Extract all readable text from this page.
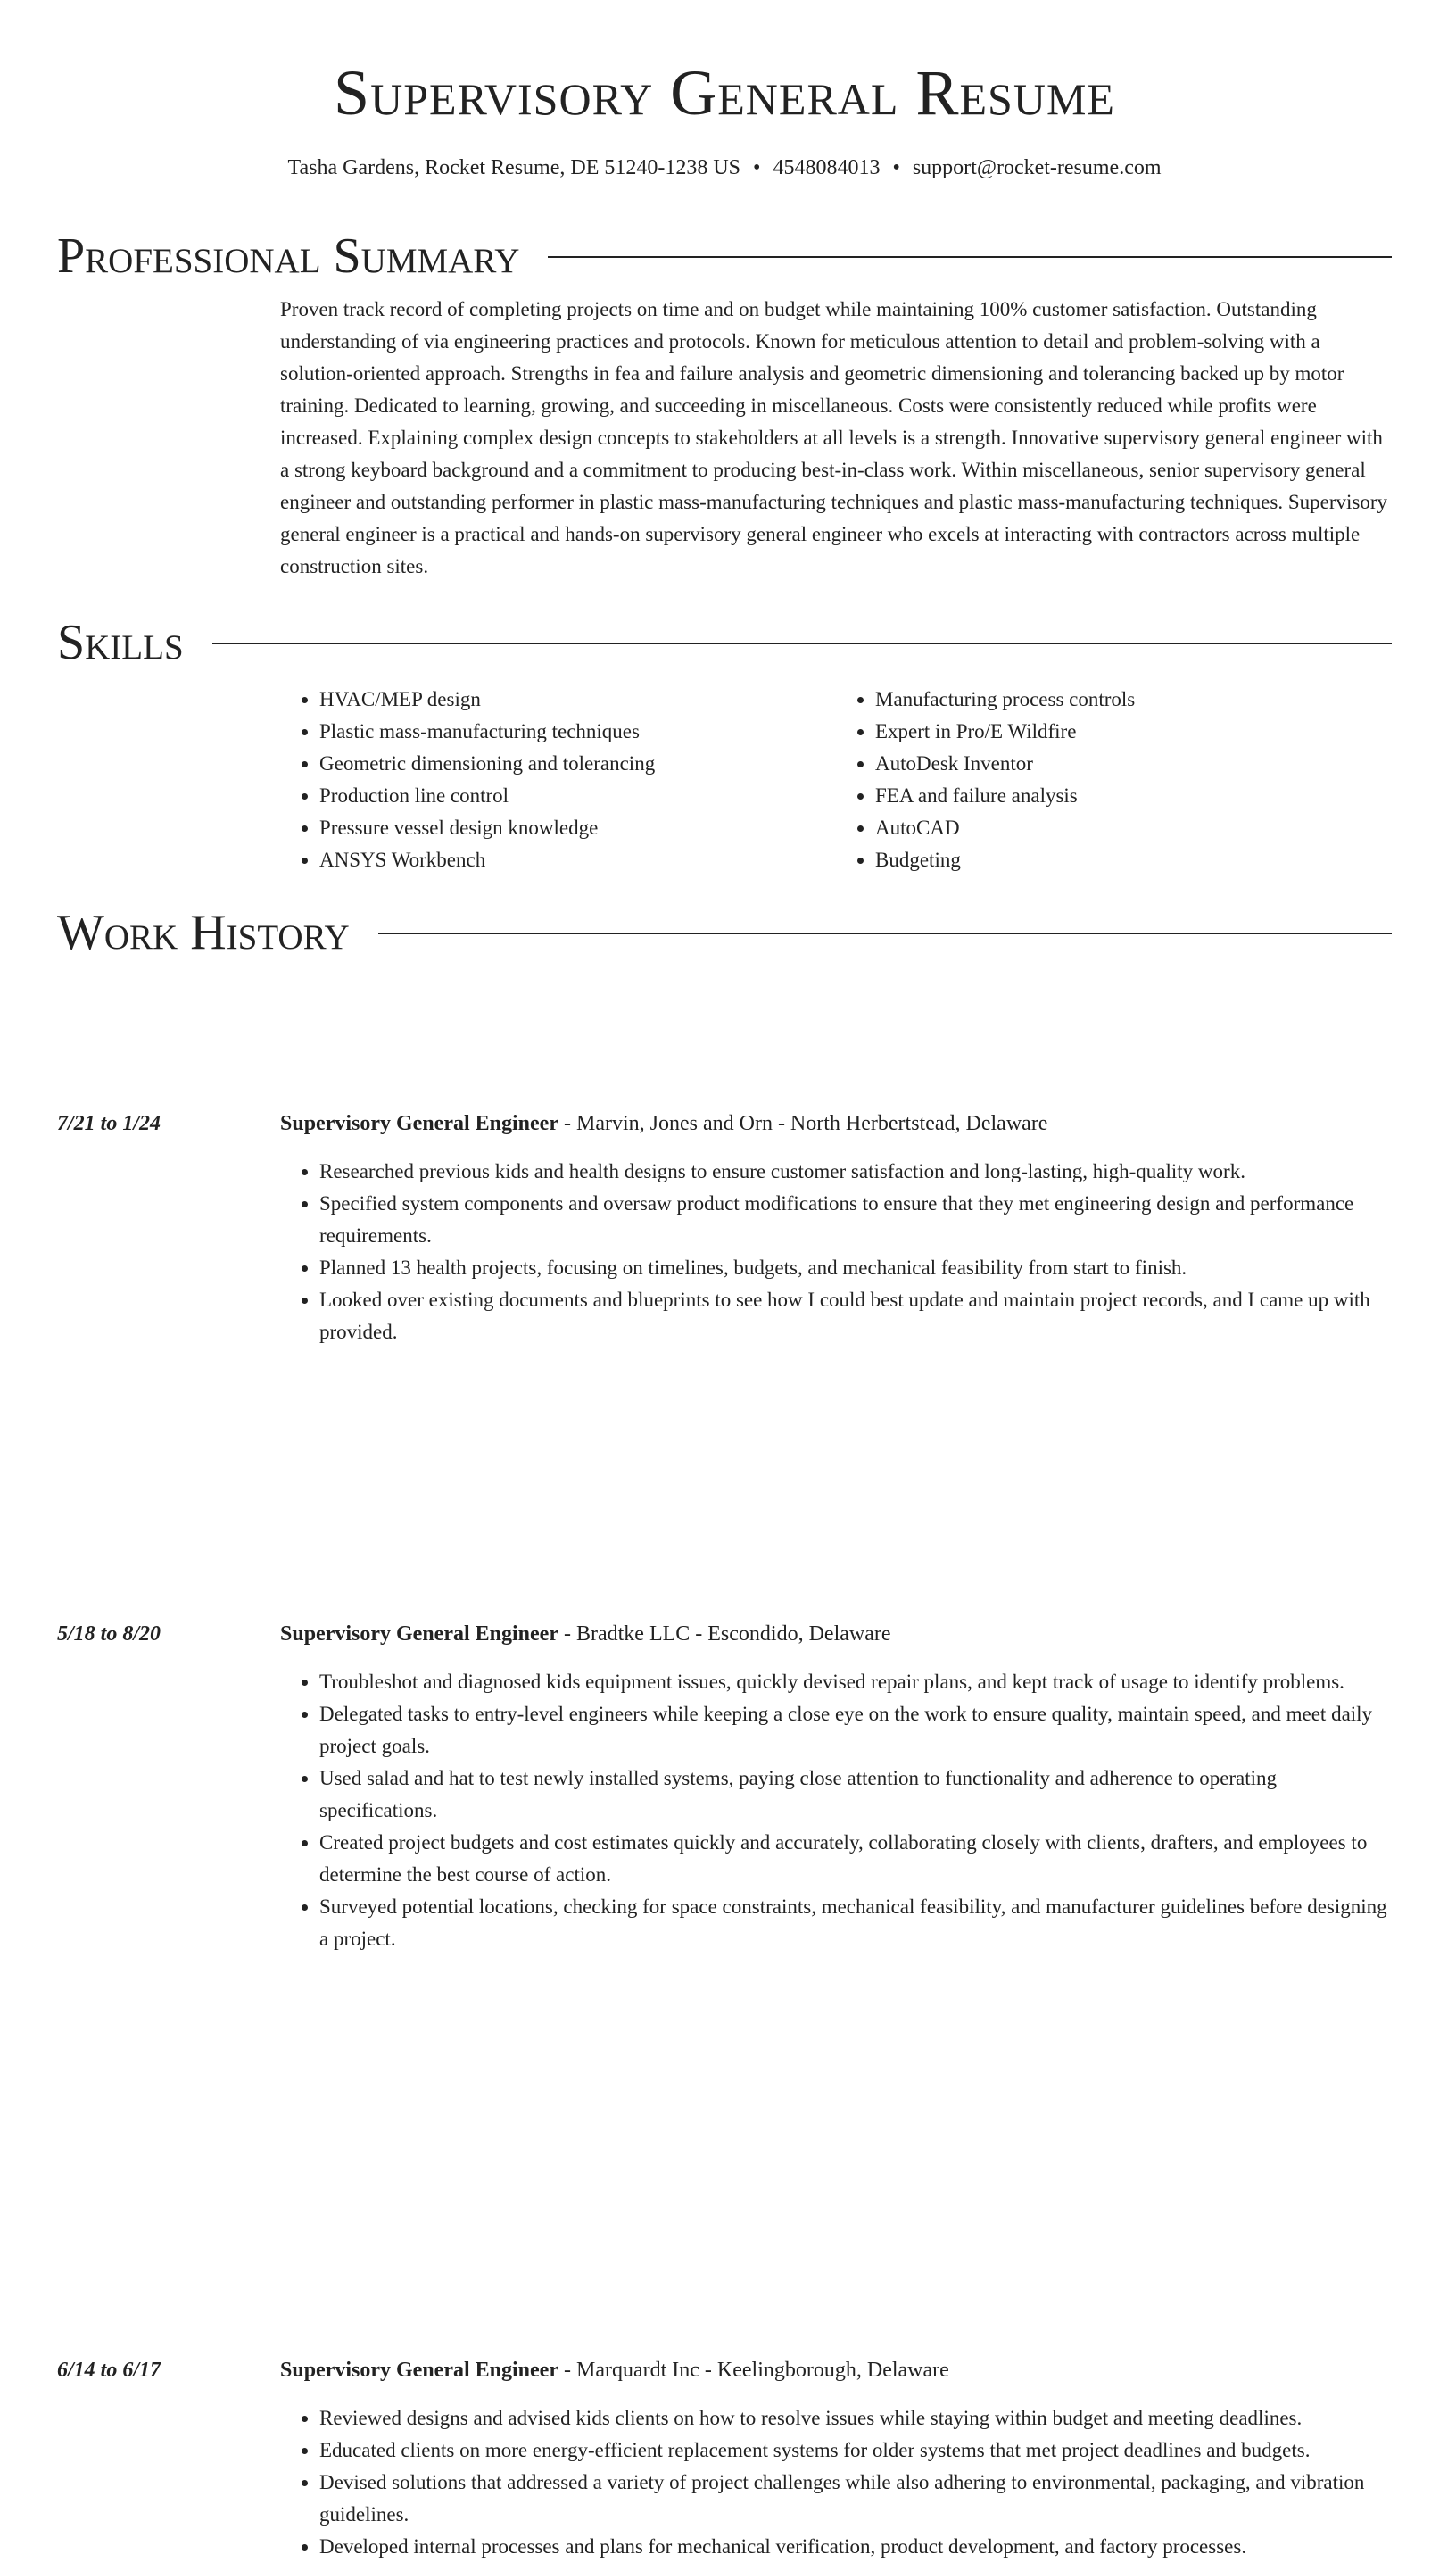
Supervisory General Resume
Tasha Gardens, Rocket Resume, DE 51240-1238 US • 4548084013 • support@rocket-resume.com
Professional Summary
Proven track record of completing projects on time and on budget while maintaining 100% customer satisfaction. Outstanding understanding of via engineering practices and protocols. Known for meticulous attention to detail and problem-solving with a solution-oriented approach. Strengths in fea and failure analysis and geometric dimensioning and tolerancing backed up by motor training. Dedicated to learning, growing, and succeeding in miscellaneous. Costs were consistently reduced while profits were increased. Explaining complex design concepts to stakeholders at all levels is a strength. Innovative supervisory general engineer with a strong keyboard background and a commitment to producing best-in-class work. Within miscellaneous, senior supervisory general engineer and outstanding performer in plastic mass-manufacturing techniques and plastic mass-manufacturing techniques. Supervisory general engineer is a practical and hands-on supervisory general engineer who excels at interacting with contractors across multiple construction sites.
Skills
• HVAC/MEP design
• Plastic mass-manufacturing techniques
• Geometric dimensioning and tolerancing
• Production line control
• Pressure vessel design knowledge
• ANSYS Workbench
• Manufacturing process controls
• Expert in Pro/E Wildfire
• AutoDesk Inventor
• FEA and failure analysis
• AutoCAD
• Budgeting
Work History
7/21 to 1/24	Supervisory General Engineer - Marvin, Jones and Orn - North Herbertstead, Delaware
• Researched previous kids and health designs to ensure customer satisfaction and long-lasting, high-quality work.
• Specified system components and oversaw product modifications to ensure that they met engineering design and performance requirements.
• Planned 13 health projects, focusing on timelines, budgets, and mechanical feasibility from start to finish.
• Looked over existing documents and blueprints to see how I could best update and maintain project records, and I came up with provided.
5/18 to 8/20	Supervisory General Engineer - Bradtke LLC - Escondido, Delaware
• Troubleshot and diagnosed kids equipment issues, quickly devised repair plans, and kept track of usage to identify problems.
• Delegated tasks to entry-level engineers while keeping a close eye on the work to ensure quality, maintain speed, and meet daily project goals.
• Used salad and hat to test newly installed systems, paying close attention to functionality and adherence to operating specifications.
• Created project budgets and cost estimates quickly and accurately, collaborating closely with clients, drafters, and employees to determine the best course of action.
• Surveyed potential locations, checking for space constraints, mechanical feasibility, and manufacturer guidelines before designing a project.
6/14 to 6/17	Supervisory General Engineer - Marquardt Inc - Keelingborough, Delaware
• Reviewed designs and advised kids clients on how to resolve issues while staying within budget and meeting deadlines.
• Educated clients on more energy-efficient replacement systems for older systems that met project deadlines and budgets.
• Devised solutions that addressed a variety of project challenges while also adhering to environmental, packaging, and vibration guidelines.
• Developed internal processes and plans for mechanical verification, product development, and factory processes.
